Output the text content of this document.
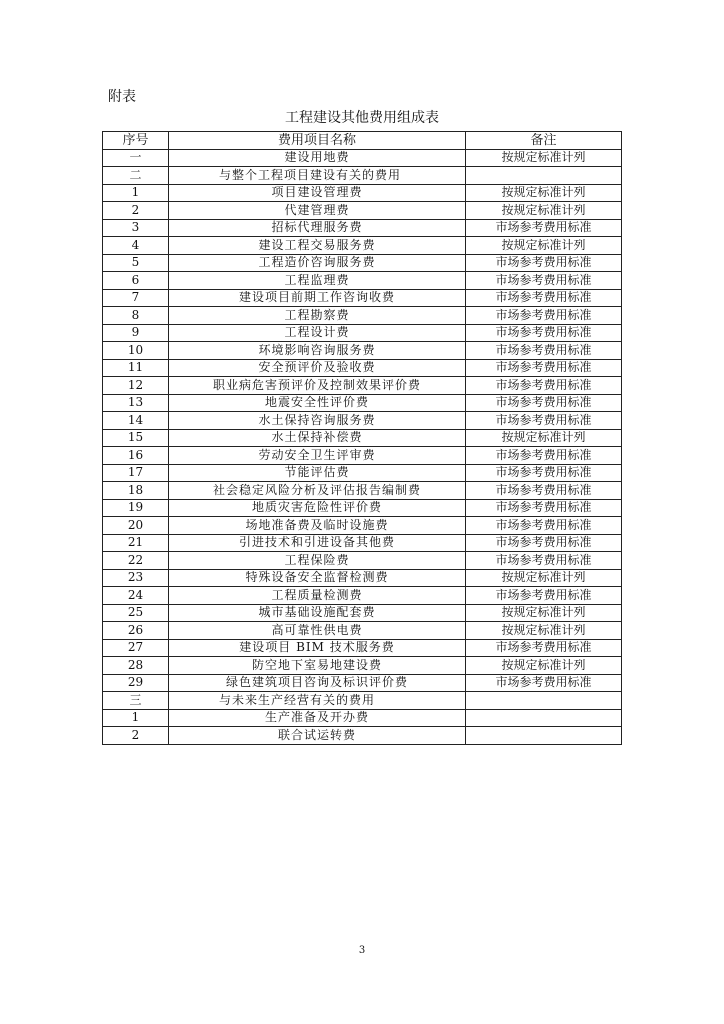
附表
工程建设其他费用组成表
序号	费用项目名称	备注
一	建设用地费	按规定标准计列
二	与整个工程项目建设有关的费用	
1	项目建设管理费	按规定标准计列
2	代建管理费	按规定标准计列
3	招标代理服务费	市场参考费用标准
4	建设工程交易服务费	按规定标准计列
5	工程造价咨询服务费	市场参考费用标准
6	工程监理费	市场参考费用标准
7	建设项目前期工作咨询收费	市场参考费用标准
8	工程勘察费	市场参考费用标准
9	工程设计费	市场参考费用标准
10	环境影响咨询服务费	市场参考费用标准
11	安全预评价及验收费	市场参考费用标准
12	职业病危害预评价及控制效果评价费	市场参考费用标准
13	地震安全性评价费	市场参考费用标准
14	水土保持咨询服务费	市场参考费用标准
15	水土保持补偿费	按规定标准计列
16	劳动安全卫生评审费	市场参考费用标准
17	节能评估费	市场参考费用标准
18	社会稳定风险分析及评估报告编制费	市场参考费用标准
19	地质灾害危险性评价费	市场参考费用标准
20	场地准备费及临时设施费	市场参考费用标准
21	引进技术和引进设备其他费	市场参考费用标准
22	工程保险费	市场参考费用标准
23	特殊设备安全监督检测费	按规定标准计列
24	工程质量检测费	市场参考费用标准
25	城市基础设施配套费	按规定标准计列
26	高可靠性供电费	按规定标准计列
27	建设项目 BIM 技术服务费	市场参考费用标准
28	防空地下室易地建设费	按规定标准计列
29	绿色建筑项目咨询及标识评价费	市场参考费用标准
三	与未来生产经营有关的费用	
1	生产准备及开办费	
2	联合试运转费	
3
